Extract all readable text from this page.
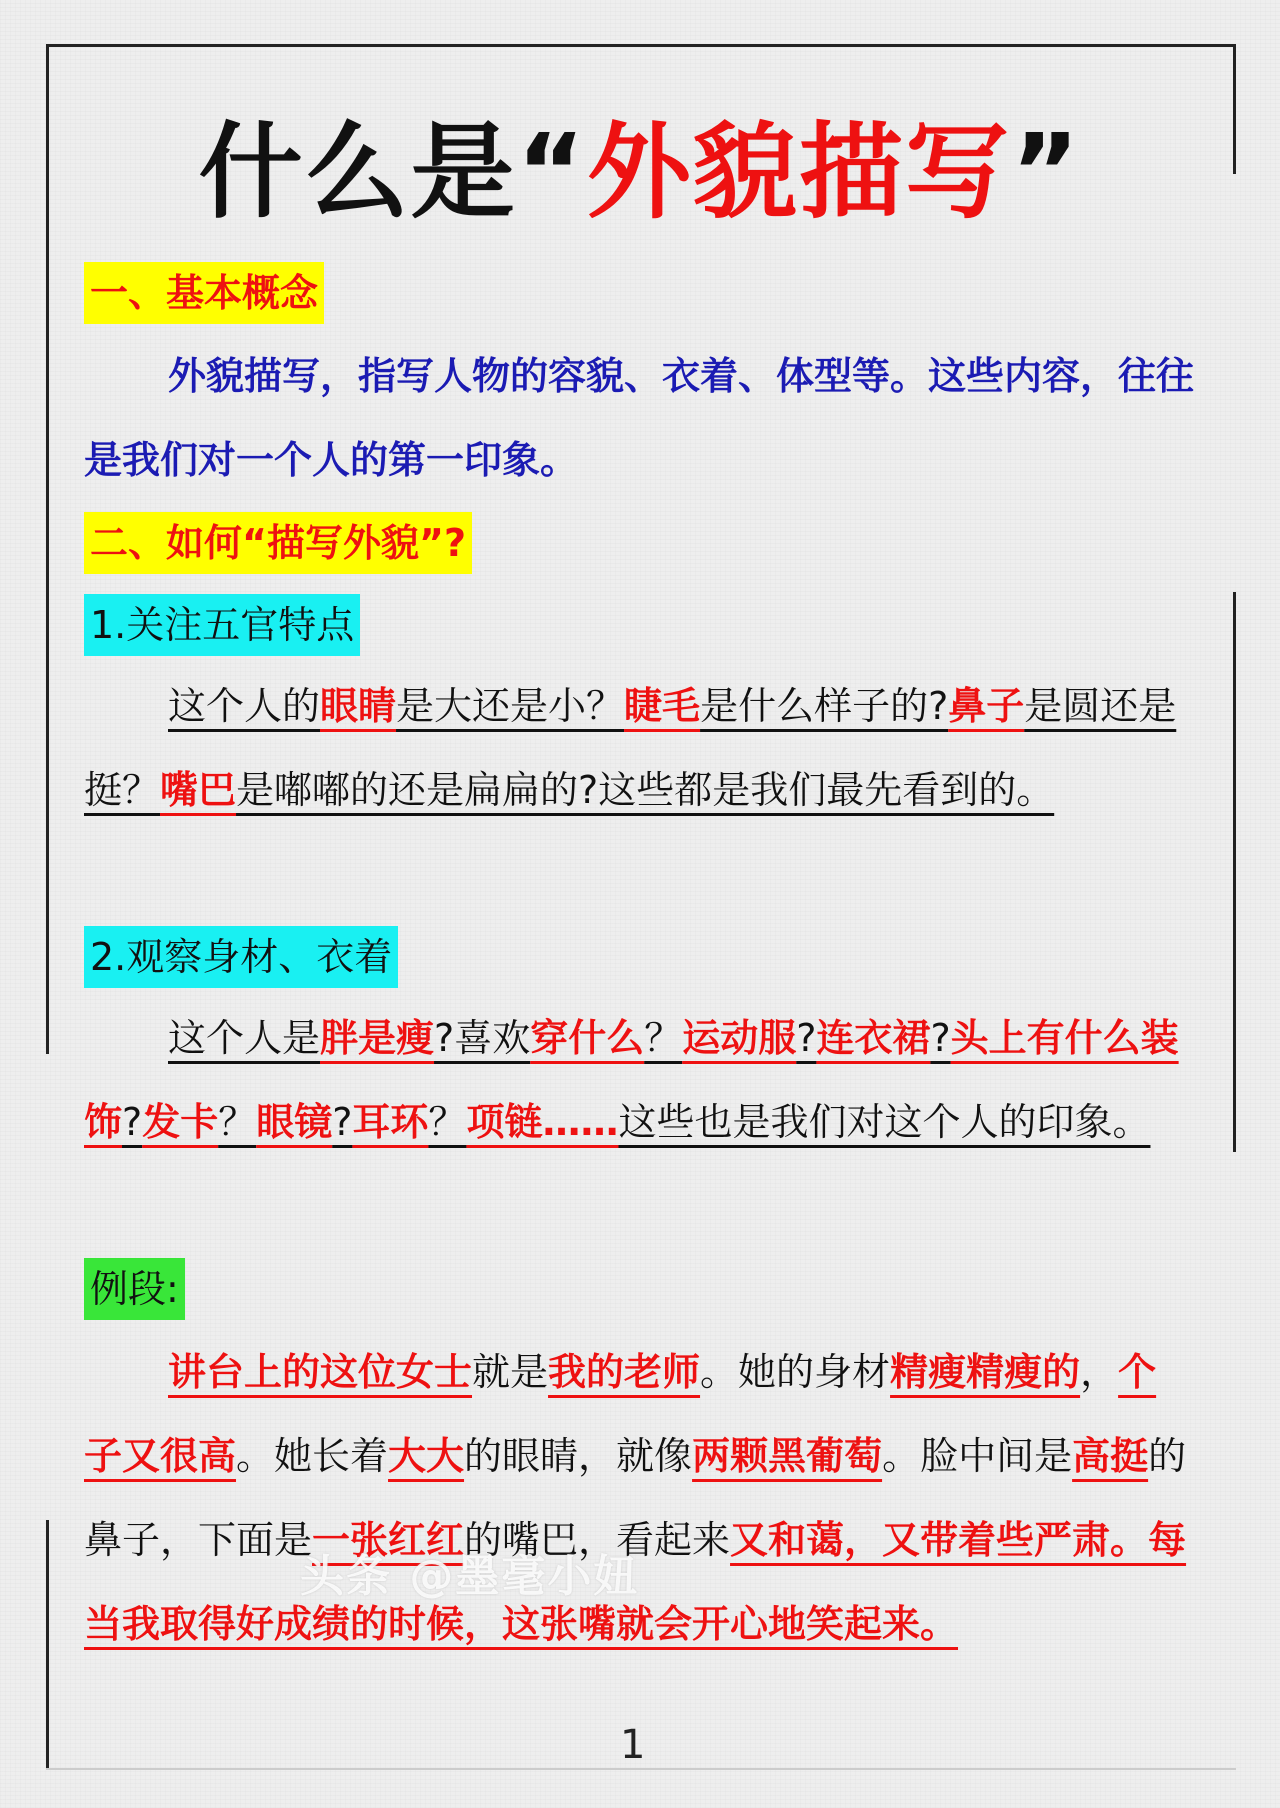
什么是“外貌描写”
一、基本概念
外貌描写，指写人物的容貌、衣着、体型等。这些内容，往往是我们对一个人的第一印象。
二、如何“描写外貌”?
1.关注五官特点
这个人的眼睛是大还是小？睫毛是什么样子的?鼻子是圆还是挺？嘴巴是嘟嘟的还是扁扁的?这些都是我们最先看到的。
2.观察身材、衣着
这个人是胖是瘦?喜欢穿什么？运动服?连衣裙?头上有什么装饰?发卡？眼镜?耳环？项链……这些也是我们对这个人的印象。
例段:
讲台上的这位女士就是我的老师。她的身材精瘦精瘦的，个子又很高。她长着大大的眼睛，就像两颗黑葡萄。脸中间是高挺的鼻子，下面是一张红红的嘴巴，看起来又和蔼，又带着些严肃。每当我取得好成绩的时候，这张嘴就会开心地笑起来。
头条 @墨毫小妞
1
